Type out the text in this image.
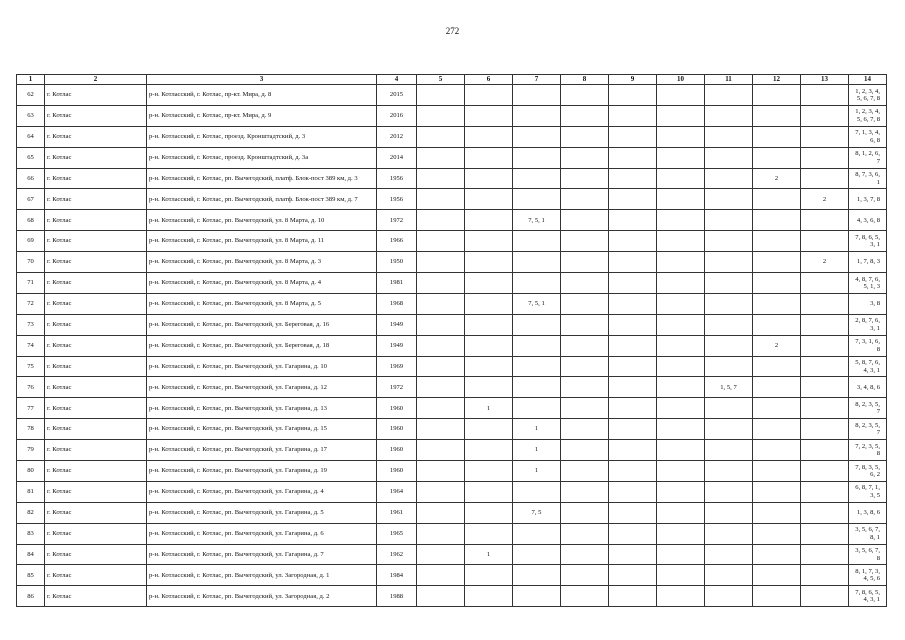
272
1	2	3	4	5	6	7	8	9	10	11	12	13	14
62	г. Котлас	р-н. Котласский, г. Котлас, пр-кт. Мира, д. 8	2015										1, 2, 3, 4, 5, 6, 7, 8
63	г. Котлас	р-н. Котласский, г. Котлас, пр-кт. Мира, д. 9	2016										1, 2, 3, 4, 5, 6, 7, 8
64	г. Котлас	р-н. Котласский, г. Котлас, проезд. Кронштадтский, д. 3	2012										7, 1, 3, 4, 6, 8
65	г. Котлас	р-н. Котласский, г. Котлас, проезд. Кронштадтский, д. 3а	2014										8, 1, 2, 6, 7
66	г. Котлас	р-н. Котласский, г. Котлас, рп. Вычегодский, платф. Блок-пост 389 км, д. 3	1956								2		8, 7, 3, 6, 1
67	г. Котлас	р-н. Котласский, г. Котлас, рп. Вычегодский, платф. Блок-пост 389 км, д. 7	1956									2	1, 3, 7, 8
68	г. Котлас	р-н. Котласский, г. Котлас, рп. Вычегодский, ул. 8 Марта, д. 10	1972			7, 5, 1							4, 3, 6, 8
69	г. Котлас	р-н. Котласский, г. Котлас, рп. Вычегодский, ул. 8 Марта, д. 11	1966										7, 8, 6, 5, 3, 1
70	г. Котлас	р-н. Котласский, г. Котлас, рп. Вычегодский, ул. 8 Марта, д. 3	1950									2	1, 7, 8, 3
71	г. Котлас	р-н. Котласский, г. Котлас, рп. Вычегодский, ул. 8 Марта, д. 4	1981										4, 8, 7, 6, 5, 1, 3
72	г. Котлас	р-н. Котласский, г. Котлас, рп. Вычегодский, ул. 8 Марта, д. 5	1968			7, 5, 1							3, 8
73	г. Котлас	р-н. Котласский, г. Котлас, рп. Вычегодский, ул. Береговая, д. 16	1949										2, 8, 7, 6, 3, 1
74	г. Котлас	р-н. Котласский, г. Котлас, рп. Вычегодский, ул. Береговая, д. 18	1949								2		7, 3, 1, 6, 8
75	г. Котлас	р-н. Котласский, г. Котлас, рп. Вычегодский, ул. Гагарина, д. 10	1969										5, 8, 7, 6, 4, 3, 1
76	г. Котлас	р-н. Котласский, г. Котлас, рп. Вычегодский, ул. Гагарина, д. 12	1972							1, 5, 7			3, 4, 8, 6
77	г. Котлас	р-н. Котласский, г. Котлас, рп. Вычегодский, ул. Гагарина, д. 13	1960		1								8, 2, 3, 5, 7
78	г. Котлас	р-н. Котласский, г. Котлас, рп. Вычегодский, ул. Гагарина, д. 15	1960			1							8, 2, 3, 5, 7
79	г. Котлас	р-н. Котласский, г. Котлас, рп. Вычегодский, ул. Гагарина, д. 17	1960			1							7, 2, 3, 5, 8
80	г. Котлас	р-н. Котласский, г. Котлас, рп. Вычегодский, ул. Гагарина, д. 19	1960			1							7, 8, 3, 5, 6, 2
81	г. Котлас	р-н. Котласский, г. Котлас, рп. Вычегодский, ул. Гагарина, д. 4	1964										6, 8, 7, 1, 3, 5
82	г. Котлас	р-н. Котласский, г. Котлас, рп. Вычегодский, ул. Гагарина, д. 5	1961			7, 5							1, 3, 8, 6
83	г. Котлас	р-н. Котласский, г. Котлас, рп. Вычегодский, ул. Гагарина, д. 6	1965										3, 5, 6, 7, 8, 1
84	г. Котлас	р-н. Котласский, г. Котлас, рп. Вычегодский, ул. Гагарина, д. 7	1962		1								3, 5, 6, 7, 8
85	г. Котлас	р-н. Котласский, г. Котлас, рп. Вычегодский, ул. Загородная, д. 1	1984										8, 1, 7, 3, 4, 5, 6
86	г. Котлас	р-н. Котласский, г. Котлас, рп. Вычегодский, ул. Загородная, д. 2	1988										7, 8, 6, 5, 4, 3, 1
